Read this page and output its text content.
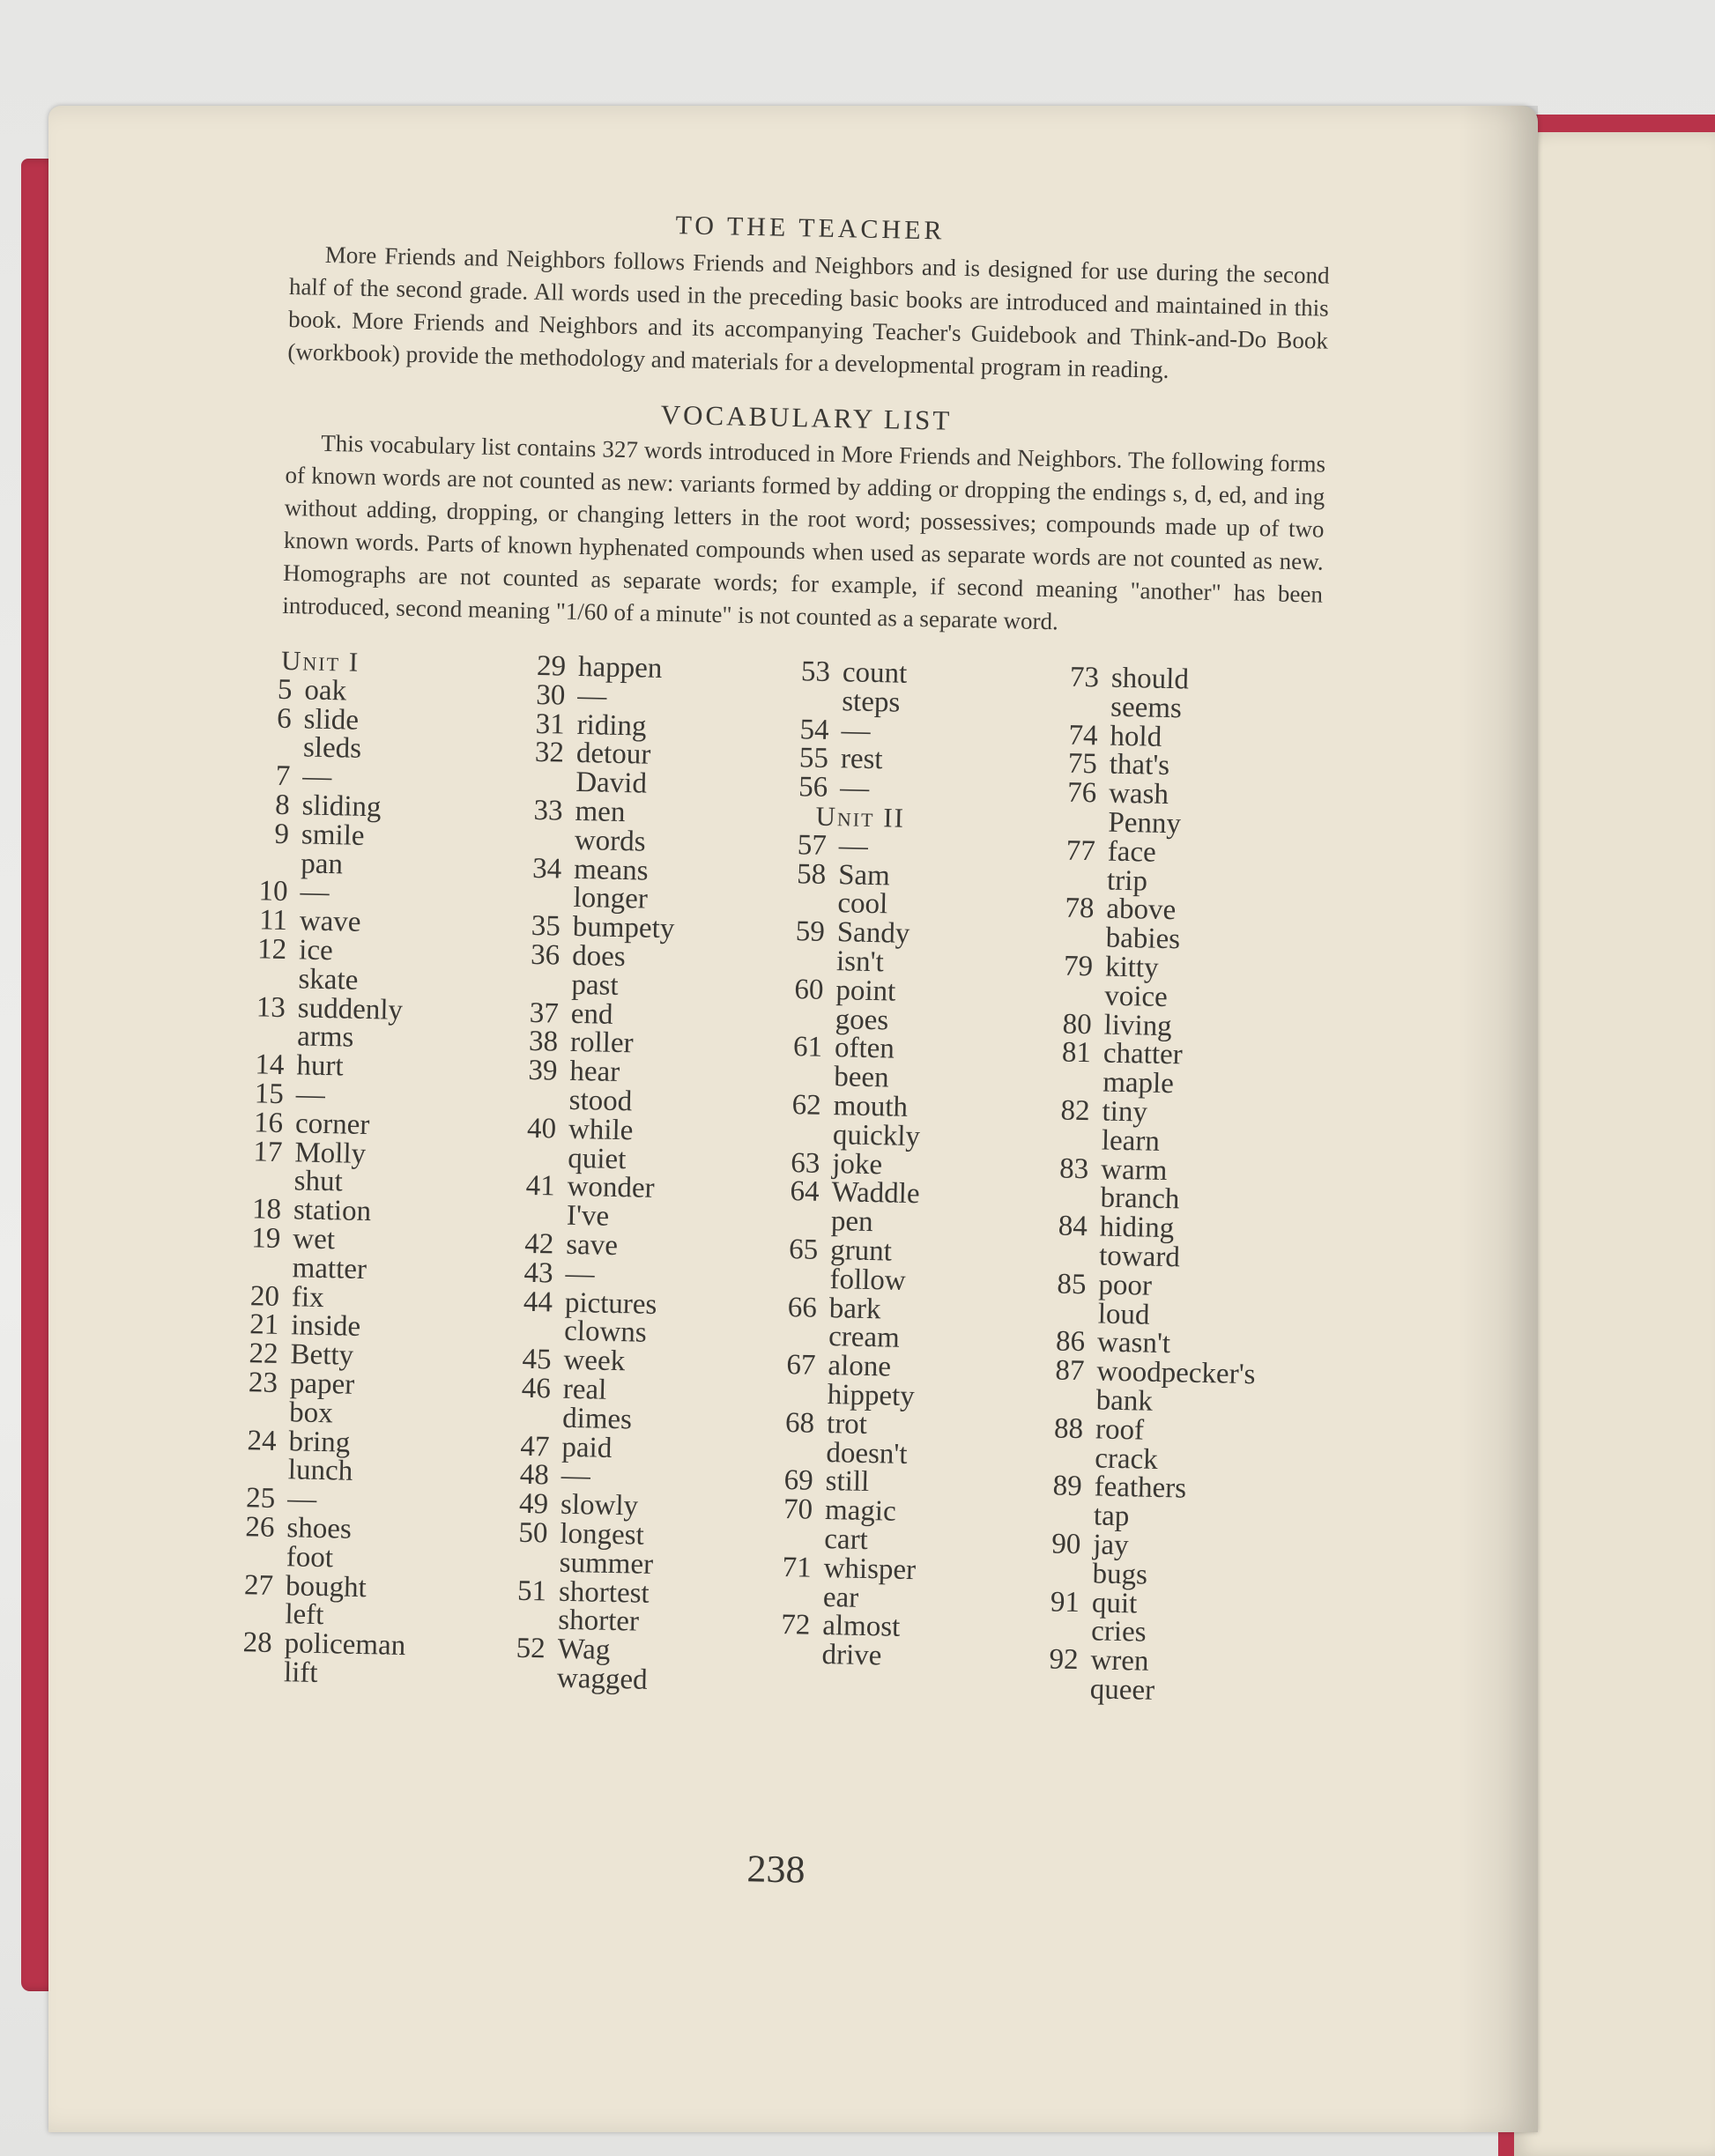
TO THE TEACHER

More Friends and Neighbors follows Friends and Neighbors and is designed for use during the second half of the second grade. All words used in the preceding basic books are introduced and maintained in this book. More Friends and Neighbors and its accompanying Teacher's Guidebook and Think-and-Do Book (workbook) provide the methodology and materials for a developmental program in reading.

VOCABULARY LIST

This vocabulary list contains 327 words introduced in More Friends and Neighbors. The following forms of known words are not counted as new: variants formed by adding or dropping the endings s, d, ed, and ing without adding, dropping, or changing letters in the root word; possessives; compounds made up of two known words. Parts of known hyphenated compounds when used as separate words are not counted as new. Homographs are not counted as separate words; for example, if second meaning "another" has been introduced, second meaning "1/60 of a minute" is not counted as a separate word.

Unit I
5 oak
6 slide
sleds
7 —
8 sliding
9 smile
pan
10 —
11 wave
12 ice
skate
13 suddenly
arms
14 hurt
15 —
16 corner
17 Molly
shut
18 station
19 wet
matter
20 fix
21 inside
22 Betty
23 paper
box
24 bring
lunch
25 —
26 shoes
foot
27 bought
left
28 policeman
lift
29 happen
30 —
31 riding
32 detour
David
33 men
words
34 means
longer
35 bumpety
36 does
past
37 end
38 roller
39 hear
stood
40 while
quiet
41 wonder
I've
42 save
43 —
44 pictures
clowns
45 week
46 real
dimes
47 paid
48 —
49 slowly
50 longest
summer
51 shortest
shorter
52 Wag
wagged
53 count
steps
54 —
55 rest
56 —
Unit II
57 —
58 Sam
cool
59 Sandy
isn't
60 point
goes
61 often
been
62 mouth
quickly
63 joke
64 Waddle
pen
65 grunt
follow
66 bark
cream
67 alone
hippety
68 trot
doesn't
69 still
70 magic
cart
71 whisper
ear
72 almost
drive
73 should
seems
74 hold
75 that's
76 wash
Penny
77 face
trip
78 above
babies
79 kitty
voice
80 living
81 chatter
maple
82 tiny
learn
83 warm
branch
84 hiding
toward
85 poor
loud
86 wasn't
87 woodpecker's
bank
88 roof
crack
89 feathers
tap
90 jay
bugs
91 quit
cries
92 wren
queer
238
